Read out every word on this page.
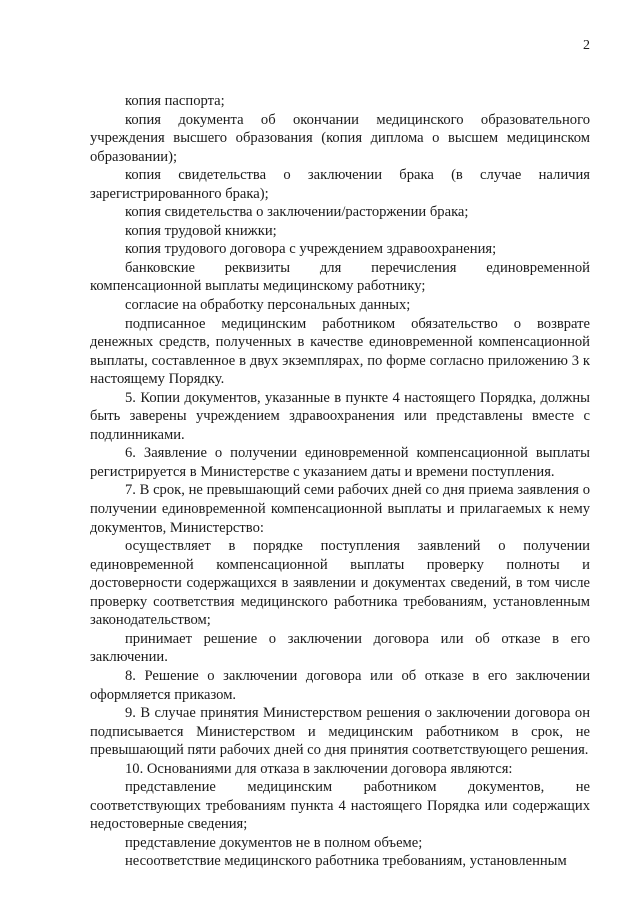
2

копия паспорта;

копия документа об окончании медицинского образовательного учреждения высшего образования (копия диплома о высшем медицинском образовании);

копия свидетельства о заключении брака (в случае наличия зарегистрированного брака);

копия свидетельства о заключении/расторжении брака;

копия трудовой книжки;

копия трудового договора с учреждением здравоохранения;

банковские реквизиты для перечисления единовременной компенсационной выплаты медицинскому работнику;

согласие на обработку персональных данных;

подписанное медицинским работником обязательство о возврате денежных средств, полученных в качестве единовременной компенсационной выплаты, составленное в двух экземплярах, по форме согласно приложению 3 к настоящему Порядку.

5. Копии документов, указанные в пункте 4 настоящего Порядка, должны быть заверены учреждением здравоохранения или представлены вместе с подлинниками.

6. Заявление о получении единовременной компенсационной выплаты регистрируется в Министерстве с указанием даты и времени поступления.

7. В срок, не превышающий семи рабочих дней со дня приема заявления о получении единовременной компенсационной выплаты и прилагаемых к нему документов, Министерство:

осуществляет в порядке поступления заявлений о получении единовременной компенсационной выплаты проверку полноты и достоверности содержащихся в заявлении и документах сведений, в том числе проверку соответствия медицинского работника требованиям, установленным законодательством;

принимает решение о заключении договора или об отказе в его заключении.

8. Решение о заключении договора или об отказе в его заключении оформляется приказом.

9. В случае принятия Министерством решения о заключении договора он подписывается Министерством и медицинским работником в срок, не превышающий пяти рабочих дней со дня принятия соответствующего решения.

10. Основаниями для отказа в заключении договора являются:

представление медицинским работником документов, не соответствующих требованиям пункта 4 настоящего Порядка или содержащих недостоверные сведения;

представление документов не в полном объеме;

несоответствие медицинского работника требованиям, установленным
